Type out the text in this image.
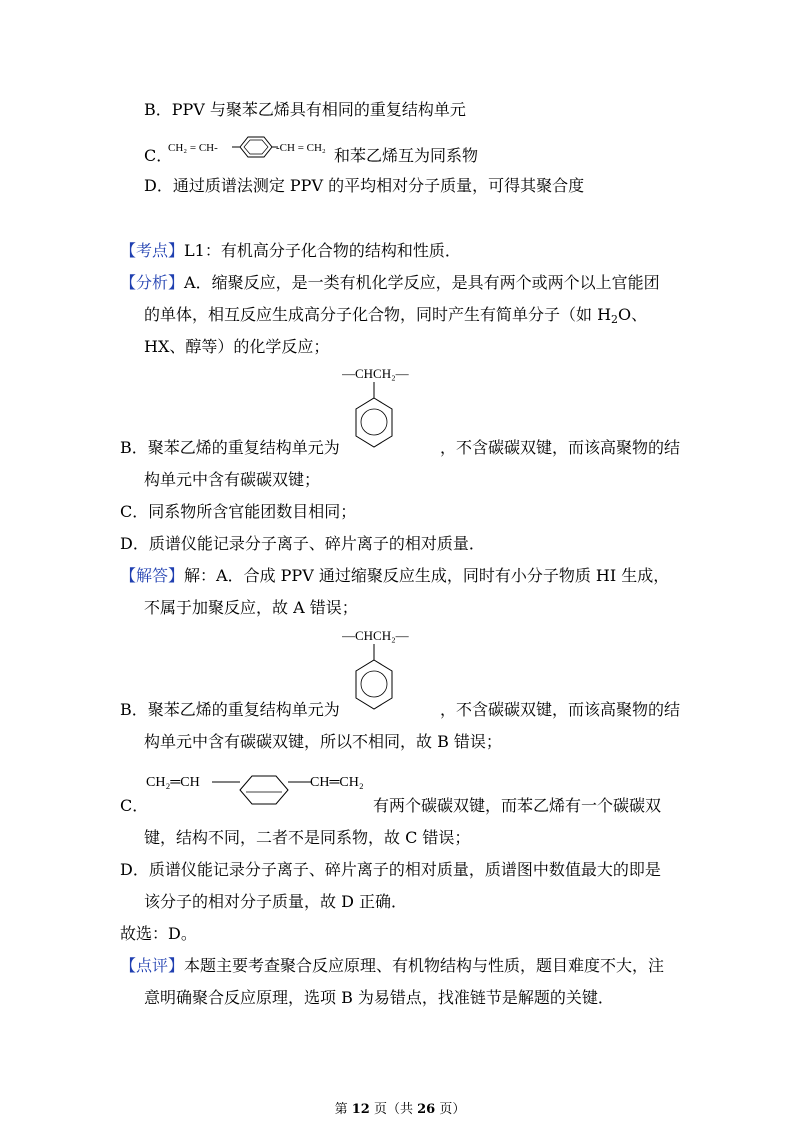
B．PPV 与聚苯乙烯具有相同的重复结构单元
C．
CH₂ = CH-	-CH = CH₂ 和苯乙烯互为同系物
D．通过质谱法测定 PPV 的平均相对分子质量，可得其聚合度
【考点】L1：有机高分子化合物的结构和性质．
【分析】A．缩聚反应，是一类有机化学反应，是具有两个或两个以上官能团
的单体，相互反应生成高分子化合物，同时产生有简单分子（如 $H_2O$、
HX、醇等）的化学反应；
—CHCH₂—
B．聚苯乙烯的重复结构单元为	，不含碳碳双键，而该高聚物的结
构单元中含有碳碳双键；
C．同系物所含官能团数目相同；
D．质谱仪能记录分子离子、碎片离子的相对质量．
【解答】解：A．合成 PPV 通过缩聚反应生成，同时有小分子物质 HI 生成，
不属于加聚反应，故 A 错误；
—CHCH₂—
B．聚苯乙烯的重复结构单元为	，不含碳碳双键，而该高聚物的结
构单元中含有碳碳双键，所以不相同，故 B 错误；
C．
CH₂═CH	CH═CH₂
有两个碳碳双键，而苯乙烯有一个碳碳双
键，结构不同，二者不是同系物，故 C 错误；
D．质谱仪能记录分子离子、碎片离子的相对质量，质谱图中数值最大的即是
该分子的相对分子质量，故 D 正确．
故选：D。
【点评】本题主要考查聚合反应原理、有机物结构与性质，题目难度不大，注
意明确聚合反应原理，选项 B 为易错点，找准链节是解题的关键．
第 12 页（共 26 页）
